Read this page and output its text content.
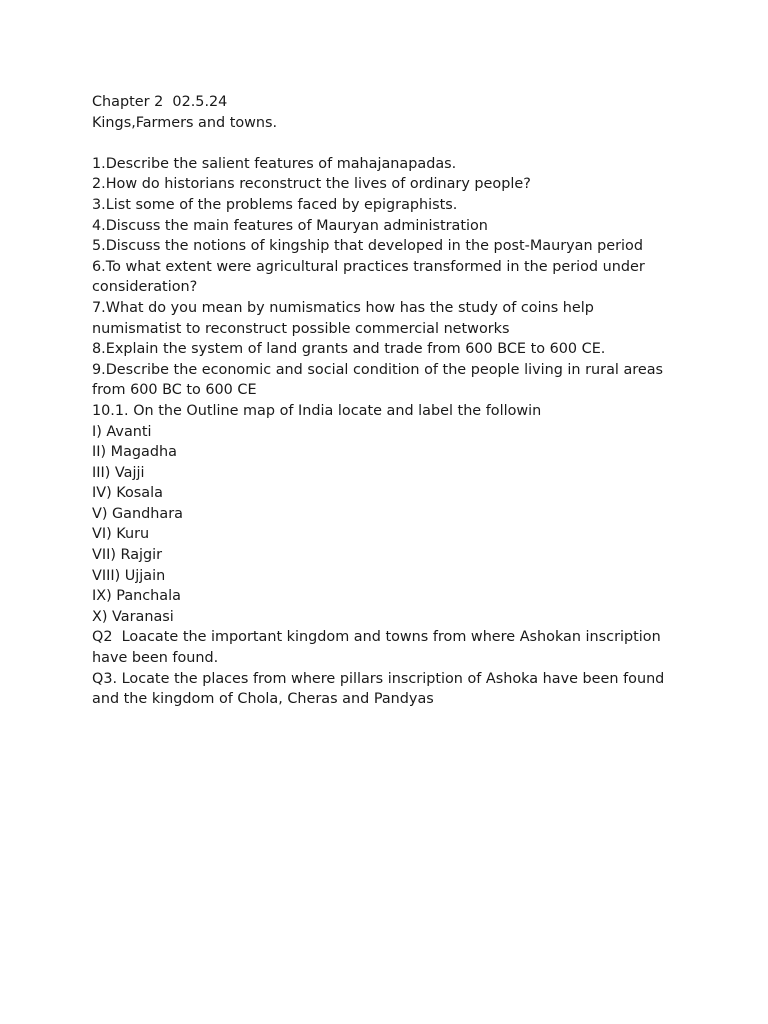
Chapter 2  02.5.24
Kings,Farmers and towns.
1.Describe the salient features of mahajanapadas.
2.How do historians reconstruct the lives of ordinary people?
3.List some of the problems faced by epigraphists.
4.Discuss the main features of Mauryan administration
5.Discuss the notions of kingship that developed in the post-Mauryan period
6.To what extent were agricultural practices transformed in the period under
consideration?
7.What do you mean by numismatics how has the study of coins help
numismatist to reconstruct possible commercial networks
8.Explain the system of land grants and trade from 600 BCE to 600 CE.
9.Describe the economic and social condition of the people living in rural areas
from 600 BC to 600 CE
10.1. On the Outline map of India locate and label the followin
I) Avanti
II) Magadha
III) Vajji
IV) Kosala
V) Gandhara
VI) Kuru
VII) Rajgir
VIII) Ujjain
IX) Panchala
X) Varanasi
Q2  Loacate the important kingdom and towns from where Ashokan inscription
have been found.
Q3. Locate the places from where pillars inscription of Ashoka have been found
and the kingdom of Chola, Cheras and Pandyas
